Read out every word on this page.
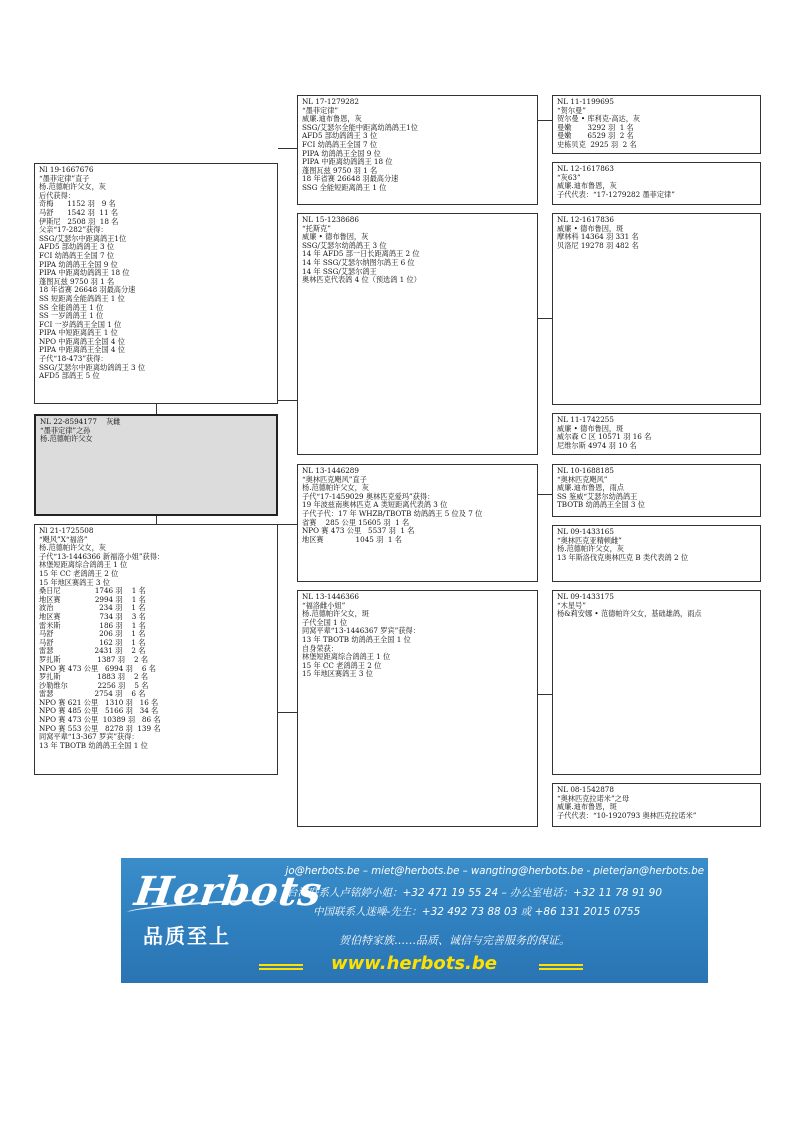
Nl 19-1667676
“墨菲定律”直子
杨.范德帕许父女，灰
后代获得：
奇梅      1152 羽   9 名
马舒      1542 羽  11 名
伊斯尼   2508 羽  18 名
父亲“17-282”获得：
SSG/艾瑟尔中距离鸽王1位
AFD5 部幼鸽鸽王 3 位
FCI 幼鸽鸽王全国 7 位
PIPA 幼鸽鸽王全国 9 位
PIPA 中距离幼鸽鸽王 18 位
蓬图瓦兹 9750 羽 1 名
18 年省赛 26648 羽最高分速
SS 短距离全能鸽鸽王 1 位
SS 全能鸽鸽王 1 位
SS 一岁鸽鸽王 1 位
FCI 一岁鸽鸽王全国 1 位
PIPA 中短距离鸽王 1 位
NPO 中距离鸽王全国 4 位
PIPA 中距离鸽王全国 4 位
子代“18-473”获得：
SSG/艾瑟尔中距离幼鸽鸽王 3 位
AFD5 部鸽王 5 位
NL 22-8594177    灰雌
“墨菲定律”之孙
杨.范德帕许父女
Nl 21-1725508
“飓风”X“福洛”
杨.范德帕许父女，灰
子代“13-1446366 新福洛小姐”获得：
林堡短距离综合鸽鸽王 1 位
15 年 CC 老鸽鸽王 2 位
15 年地区赛鸽王 3 位
桑日尼               1746 羽    1 名
地区赛               2994 羽    1 名
波治                    234 羽    1 名
地区赛                 734 羽    3 名
雷米斯                 186 羽    1 名
马舒                    206 羽    1 名
马舒                    162 羽    1 名
雷瑟                  2431 羽    2 名
罗扎斯                1387 羽    2 名
NPO 赛 473 公里   6994 羽    6 名
罗扎斯                1883 羽    2 名
沙勒维尔             2256 羽    5 名
雷瑟                  2754 羽    6 名
NPO 赛 621 公里   1310 羽   16 名
NPO 赛 485 公里   5166 羽   34 名
NPO 赛 473 公里  10389 羽   86 名
NPO 赛 553 公里   8278 羽  139 名
同窝平辈“13-367 罗宾”获得：
13 年 TBOTB 幼鸽鸽王全国 1 位
NL 17-1279282
“墨菲定律”
威廉.迪布鲁恩，灰
SSG/艾瑟尔全能中距离幼鸽鸽王1位
AFD5 部幼鸽鸽王 3 位
FCI 幼鸽鸽王全国 7 位
PIPA 幼鸽鸽王全国 9 位
PIPA 中距离幼鸽鸽王 18 位
蓬图瓦兹 9750 羽 1 名
18 年省赛 26648 羽最高分速
SSG 全能短距离鸽王 1 位
NL 15-1238686
“托斯克”
威廉 • 德布鲁因，灰
SSG/艾瑟尔幼鸽鸽王 3 位
14 年 AFD5 部一日长距离鸽王 2 位
14 年 SSG/艾瑟尔纳图尔鸽王 6 位
14 年 SSG/艾瑟尔鸽王
奥林匹克代表鸽 4 位（预选鸽 1 位）
NL 13-1446289
“奥林匹克飓风”直子
杨.范德帕许父女，灰
子代“17-1459029 奥林匹克爱玛”获得：
19 年波兹南奥林匹克 A 类短距离代表鸽 3 位
子代子代：17 年 WHZB/TBOTB 幼鸽鸽王 5 位及 7 位
省赛    285 公里 15605 羽  1 名
NPO 赛 473 公里   5537 羽  1 名
地区赛              1045 羽  1 名
NL 13-1446366
“福洛雌小姐”
杨.范德帕许父女，斑
子代全国 1 位
同窝平辈“13-1446367 罗宾”获得：
13 年 TBOTB 幼鸽鸽王全国 1 位
自身荣获：
林堡短距离综合鸽鸽王 1 位
15 年 CC 老鸽鸽王 2 位
15 年地区赛鸽王 3 位
NL 11-1199695
“贺尔曼”
贺尔曼 • 库利克-高达，灰
曼嫩       3292 羽  1 名
曼嫩       6529 羽  2 名
史栋贝克  2925 羽  2 名
NL 12-1617863
“灰63”
威廉.迪布鲁恩，灰
子代代表：“17-1279282 墨菲定律”
NL 12-1617836
威廉 • 德布鲁因，斑
摩林科 14364 羽 331 名
贝洛尼 19278 羽 482 名
NL 11-1742255
威廉 • 德布鲁因，斑
威尔森 C 区 10571 羽 16 名
尼维尔斯 4974 羽 10 名
NL 10-1688185
“奥林匹克飓风”
威廉.迪布鲁恩，雨点
SS 鉴威“艾瑟尔幼鸽鸽王
TBOTB 幼鸽鸽王全国 3 位
NL 09-1433165
“奥林匹克亚精顿雌”
杨.范德帕许父女，灰
13 年斯洛伐克奥林匹克 B 类代表鸽 2 位
NL 09-1433175
“木星号”
杨&莉安娜 • 范德帕许父女，基础雄鸽，雨点
NL 08-1542878
“奥林匹克拉诺米”之母
威廉.迪布鲁恩，斑
子代代表：“10-1920793 奥林匹克拉诺米”
Herbots
品质至上
jo@herbots.be – miet@herbots.be – wangting@herbots.be - pieterjan@herbots.be
台湾联系人卢铭婷小姐：+32 471 19 55 24 – 办公室电话：+32 11 78 91 90
中国联系人迷噪-先生：+32 492 73 88 03 或 +86 131 2015 0755
贺伯特家族……品质、诚信与完善服务的保证。
www.herbots.be
